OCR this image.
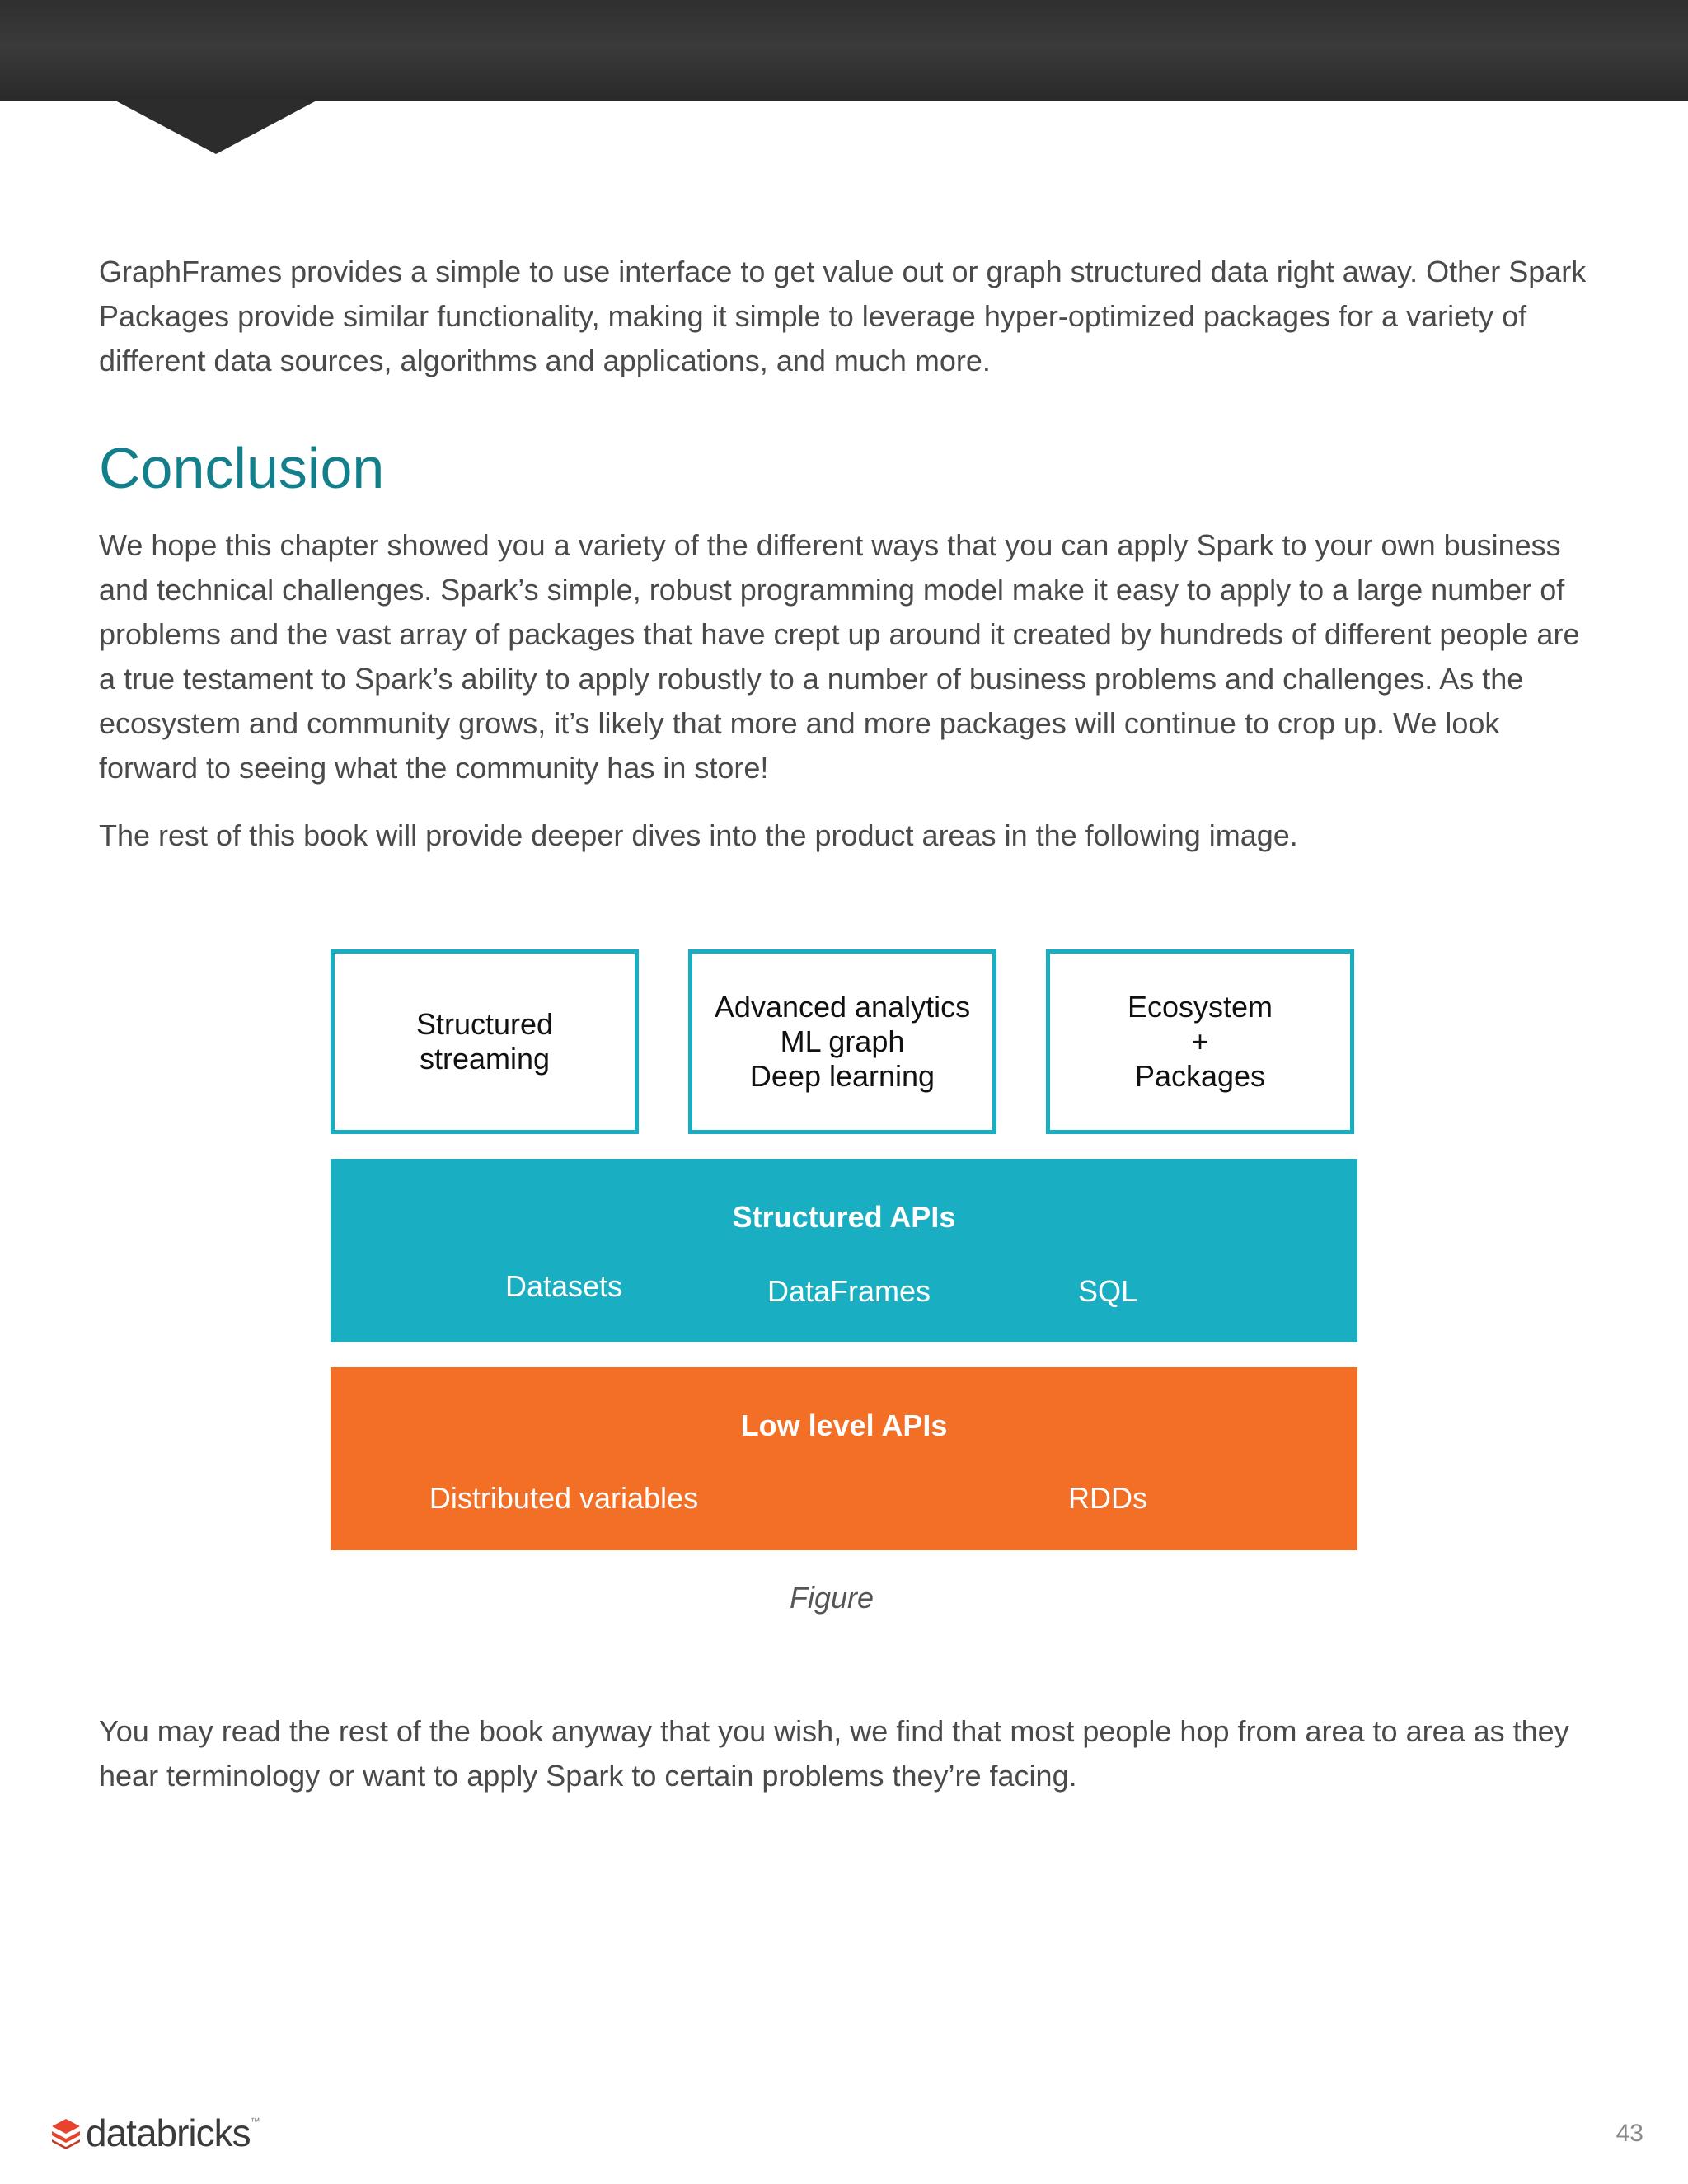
GraphFrames provides a simple to use interface to get value out or graph structured data right away. Other Spark Packages provide similar functionality, making it simple to leverage hyper-optimized packages for a variety of different data sources, algorithms and applications, and much more.

Conclusion

We hope this chapter showed you a variety of the different ways that you can apply Spark to your own business and technical challenges. Spark’s simple, robust programming model make it easy to apply to a large number of problems and the vast array of packages that have crept up around it created by hundreds of different people are a true testament to Spark’s ability to apply robustly to a number of business problems and challenges. As the ecosystem and community grows, it’s likely that more and more packages will continue to crop up. We look forward to seeing what the community has in store!

The rest of this book will provide deeper dives into the product areas in the following image.

Structured
streaming
Advanced analytics
ML graph
Deep learning
Ecosystem
+
Packages
Structured APIs
Datasets	DataFrames	SQL
Low level APIs
Distributed variables	RDDs
Figure

You may read the rest of the book anyway that you wish, we find that most people hop from area to area as they hear terminology or want to apply Spark to certain problems they’re facing.

databricks ™	43
